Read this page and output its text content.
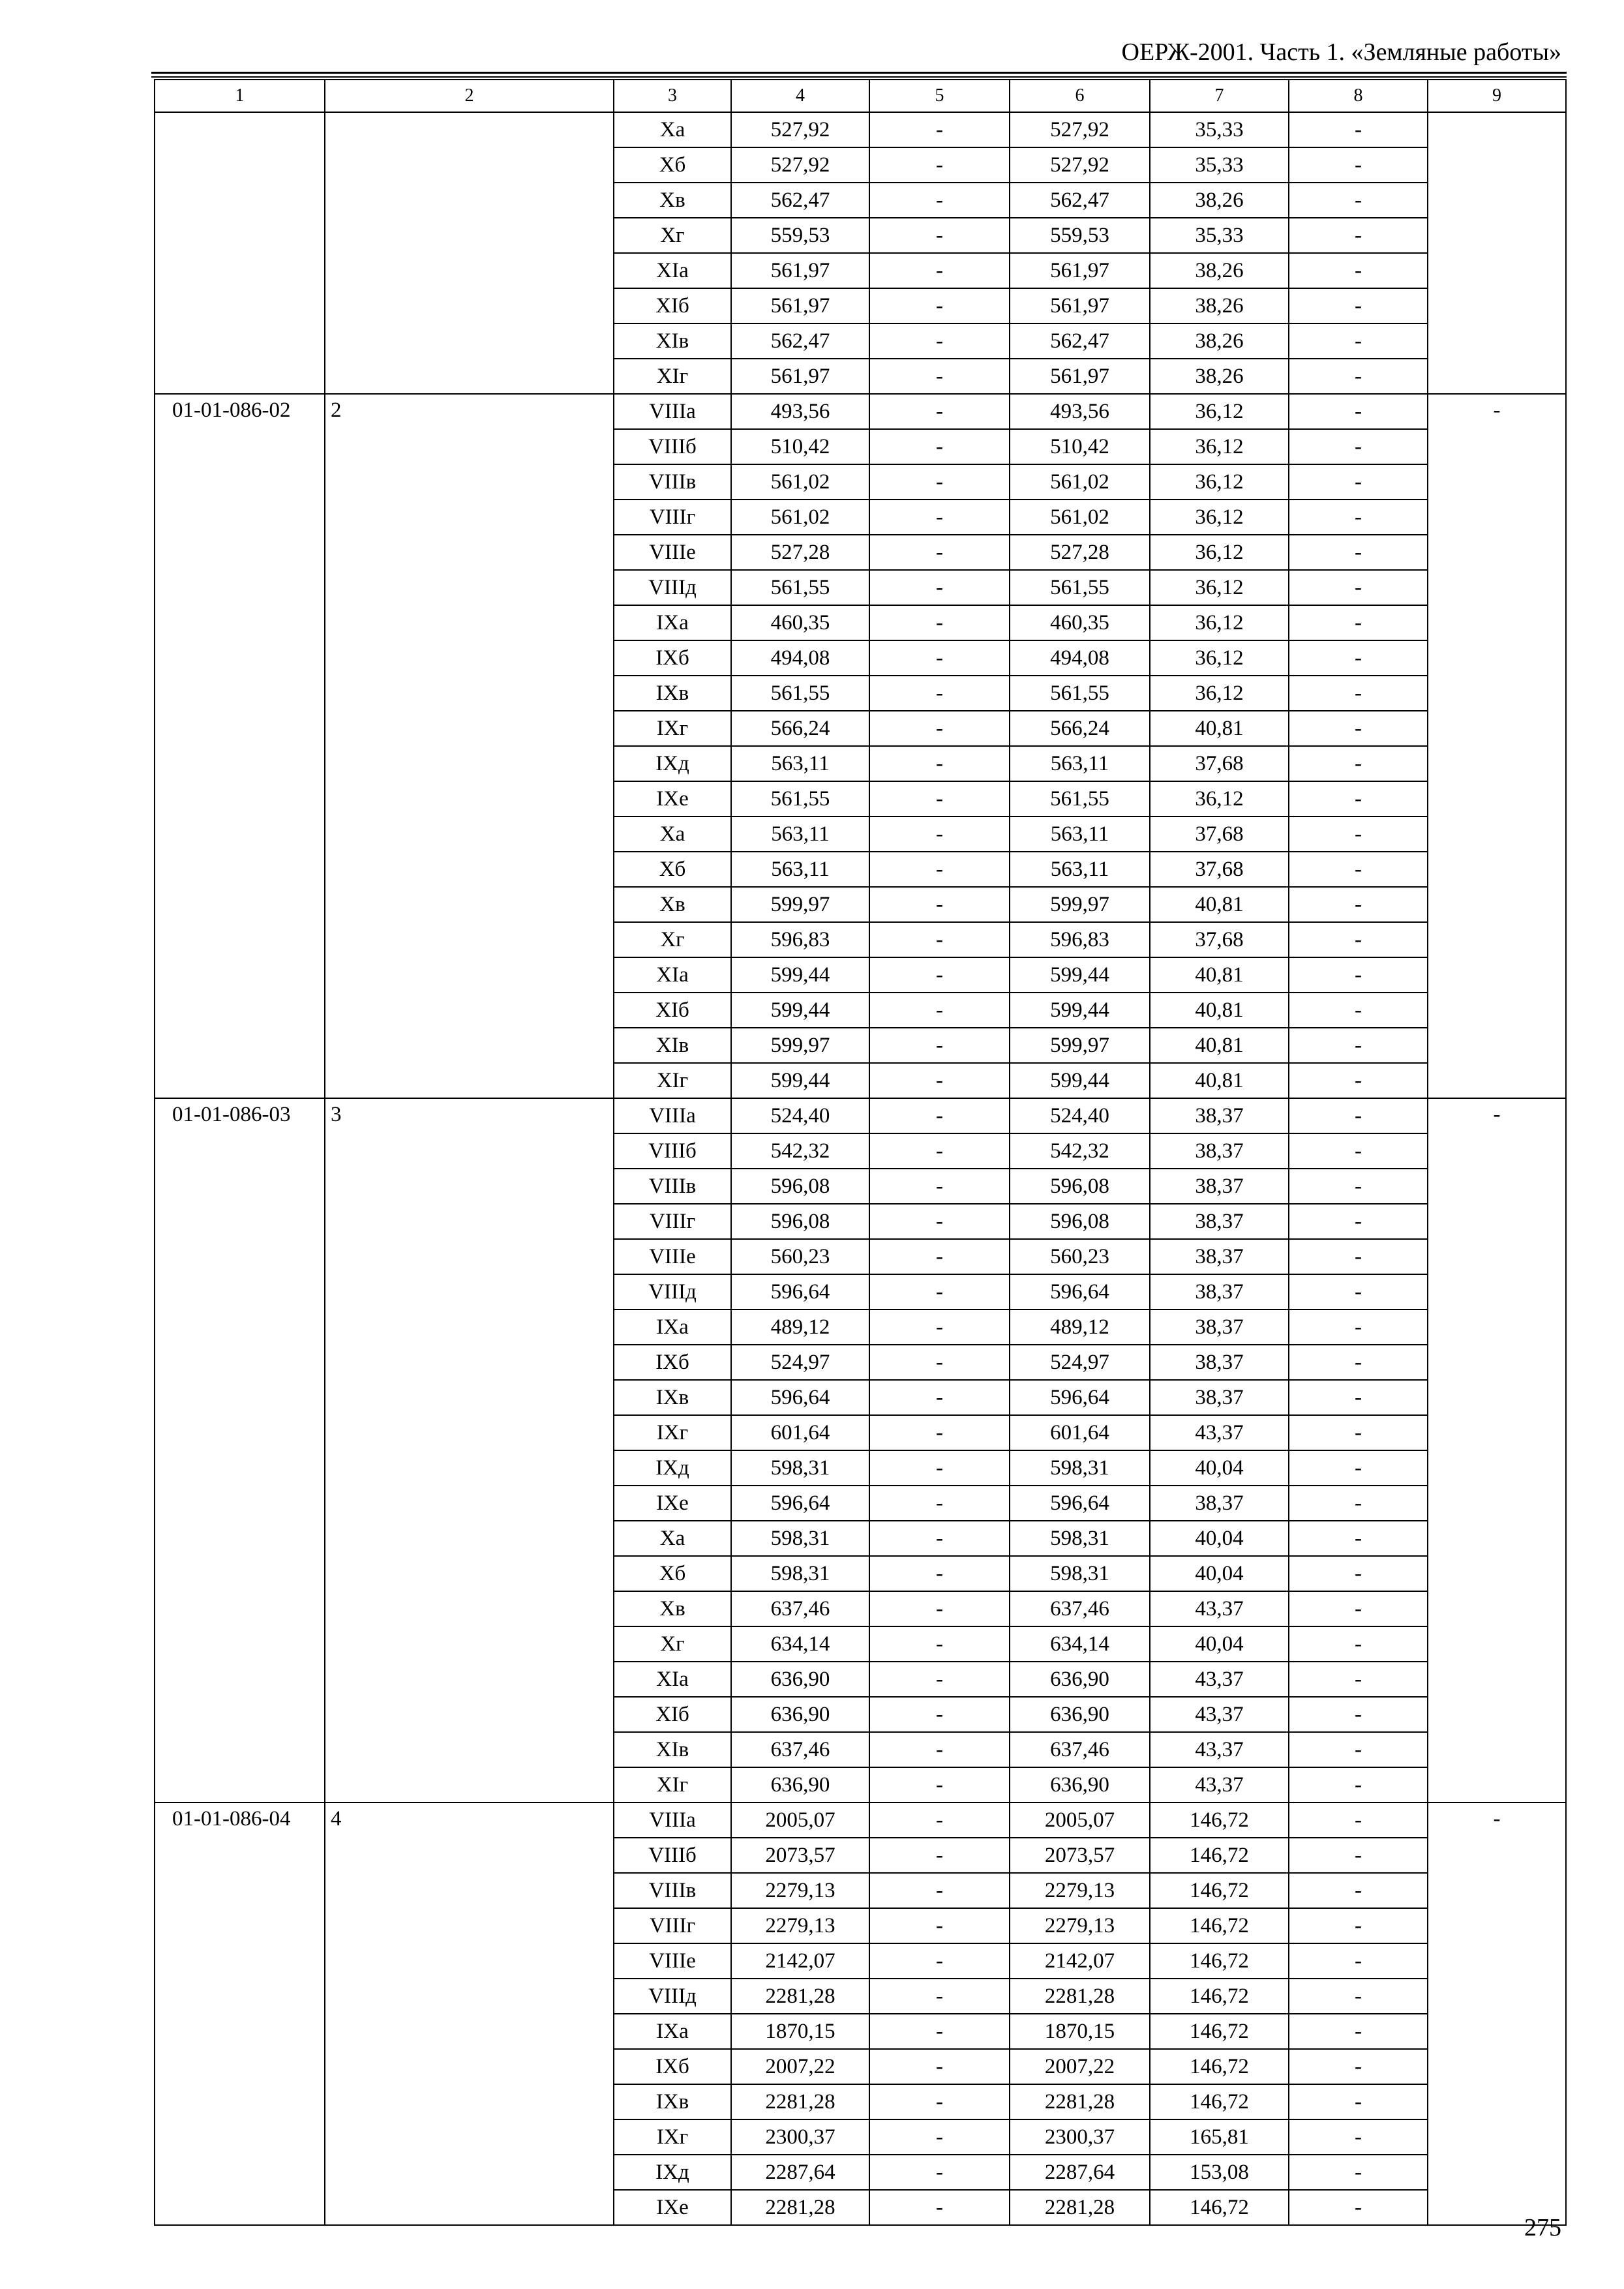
ОЕРЖ-2001. Часть 1. «Земляные работы»
1	2	3	4	5	6	7	8	9
		Xа	527,92	-	527,92	35,33	-	
		Xб	527,92	-	527,92	35,33	-	
		Xв	562,47	-	562,47	38,26	-	
		Xг	559,53	-	559,53	35,33	-	
		XIа	561,97	-	561,97	38,26	-	
		XIб	561,97	-	561,97	38,26	-	
		XIв	562,47	-	562,47	38,26	-	
		XIг	561,97	-	561,97	38,26	-	
01-01-086-02	2	VIIIа	493,56	-	493,56	36,12	-	-
		VIIIб	510,42	-	510,42	36,12	-	
		VIIIв	561,02	-	561,02	36,12	-	
		VIIIг	561,02	-	561,02	36,12	-	
		VIIIе	527,28	-	527,28	36,12	-	
		VIIIд	561,55	-	561,55	36,12	-	
		IXа	460,35	-	460,35	36,12	-	
		IXб	494,08	-	494,08	36,12	-	
		IXв	561,55	-	561,55	36,12	-	
		IXг	566,24	-	566,24	40,81	-	
		IXд	563,11	-	563,11	37,68	-	
		IXе	561,55	-	561,55	36,12	-	
		Xа	563,11	-	563,11	37,68	-	
		Xб	563,11	-	563,11	37,68	-	
		Xв	599,97	-	599,97	40,81	-	
		Xг	596,83	-	596,83	37,68	-	
		XIа	599,44	-	599,44	40,81	-	
		XIб	599,44	-	599,44	40,81	-	
		XIв	599,97	-	599,97	40,81	-	
		XIг	599,44	-	599,44	40,81	-	
01-01-086-03	3	VIIIа	524,40	-	524,40	38,37	-	-
		VIIIб	542,32	-	542,32	38,37	-	
		VIIIв	596,08	-	596,08	38,37	-	
		VIIIг	596,08	-	596,08	38,37	-	
		VIIIе	560,23	-	560,23	38,37	-	
		VIIIд	596,64	-	596,64	38,37	-	
		IXа	489,12	-	489,12	38,37	-	
		IXб	524,97	-	524,97	38,37	-	
		IXв	596,64	-	596,64	38,37	-	
		IXг	601,64	-	601,64	43,37	-	
		IXд	598,31	-	598,31	40,04	-	
		IXе	596,64	-	596,64	38,37	-	
		Xа	598,31	-	598,31	40,04	-	
		Xб	598,31	-	598,31	40,04	-	
		Xв	637,46	-	637,46	43,37	-	
		Xг	634,14	-	634,14	40,04	-	
		XIа	636,90	-	636,90	43,37	-	
		XIб	636,90	-	636,90	43,37	-	
		XIв	637,46	-	637,46	43,37	-	
		XIг	636,90	-	636,90	43,37	-	
01-01-086-04	4	VIIIа	2005,07	-	2005,07	146,72	-	-
		VIIIб	2073,57	-	2073,57	146,72	-	
		VIIIв	2279,13	-	2279,13	146,72	-	
		VIIIг	2279,13	-	2279,13	146,72	-	
		VIIIе	2142,07	-	2142,07	146,72	-	
		VIIIд	2281,28	-	2281,28	146,72	-	
		IXа	1870,15	-	1870,15	146,72	-	
		IXб	2007,22	-	2007,22	146,72	-	
		IXв	2281,28	-	2281,28	146,72	-	
		IXг	2300,37	-	2300,37	165,81	-	
		IXд	2287,64	-	2287,64	153,08	-	
		IXе	2281,28	-	2281,28	146,72	-	
275
